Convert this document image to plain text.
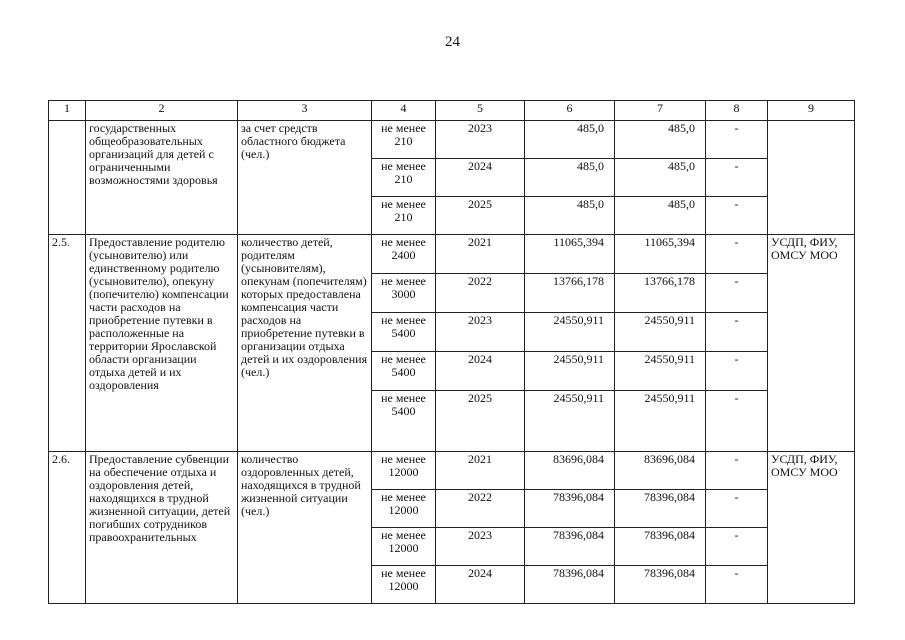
24
1	2	3	4	5	6	7	8	9
	государственных общеобразовательных организаций для детей с ограниченными возможностями здоровья	за счет средств областного бюджета (чел.)	не менее 210	2023	485,0	485,0	-	
			не менее 210	2024	485,0	485,0	-	
			не менее 210	2025	485,0	485,0	-	
2.5.	Предоставление родителю (усыновителю) или единственному родителю (усыновителю), опекуну (попечителю) компенсации части расходов на приобретение путевки в расположенные на территории Ярославской области организации отдыха детей и их оздоровления	количество детей, родителям (усыновителям), опекунам (попечителям) которых предоставлена компенсация части расходов на приобретение путевки в организации отдыха детей и их оздоровления (чел.)	не менее 2400	2021	11065,394	11065,394	-	УСДП, ФИУ, ОМСУ МОО
			не менее 3000	2022	13766,178	13766,178	-	
			не менее 5400	2023	24550,911	24550,911	-	
			не менее 5400	2024	24550,911	24550,911	-	
			не менее 5400	2025	24550,911	24550,911	-	
2.6.	Предоставление субвенции на обеспечение отдыха и оздоровления детей, находящихся в трудной жизненной ситуации, детей погибших сотрудников правоохранительных	количество оздоровленных детей, находящихся в трудной жизненной ситуации (чел.)	не менее 12000	2021	83696,084	83696,084	-	УСДП, ФИУ, ОМСУ МОО
			не менее 12000	2022	78396,084	78396,084	-	
			не менее 12000	2023	78396,084	78396,084	-	
			не менее 12000	2024	78396,084	78396,084	-	
